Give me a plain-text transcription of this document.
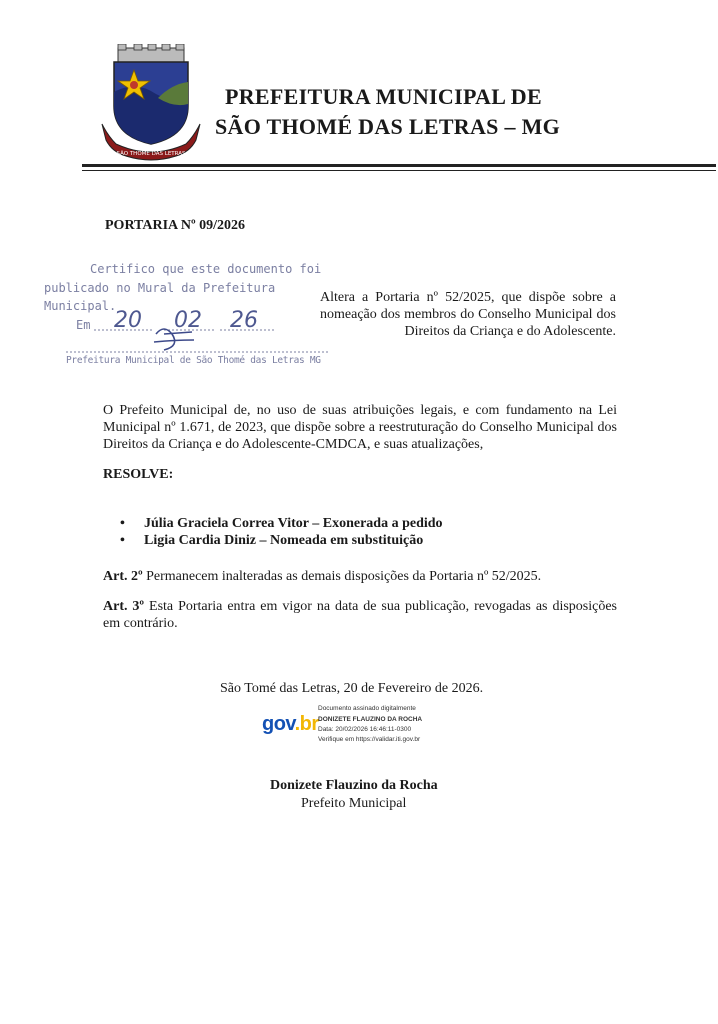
SÃO THOMÉ DAS LETRAS
PREFEITURA MUNICIPAL DE
SÃO THOMÉ DAS LETRAS – MG
PORTARIA Nº 09/2026
Certifico que este documento foi
publicado no Mural da Prefeitura
Municipal.
Em 20 02 26
Prefeitura Municipal de São Thomé das Letras MG
Altera a Portaria nº 52/2025, que dispõe sobre a nomeação dos membros do Conselho Municipal dos Direitos da Criança e do Adolescente.
O Prefeito Municipal de, no uso de suas atribuições legais, e com fundamento na Lei Municipal nº 1.671, de 2023, que dispõe sobre a reestruturação do Conselho Municipal dos Direitos da Criança e do Adolescente-CMDCA, e suas atualizações,
RESOLVE:
• Júlia Graciela Correa Vitor – Exonerada a pedido
• Ligia Cardia Diniz – Nomeada em substituição
Art. 2º Permanecem inalteradas as demais disposições da Portaria nº 52/2025.
Art. 3º Esta Portaria entra em vigor na data de sua publicação, revogadas as disposições em contrário.
São Tomé das Letras, 20 de Fevereiro de 2026.
gov.br
Documento assinado digitalmente
DONIZETE FLAUZINO DA ROCHA
Data: 20/02/2026 16:46:11-0300
Verifique em https://validar.iti.gov.br
Donizete Flauzino da Rocha
Prefeito Municipal
